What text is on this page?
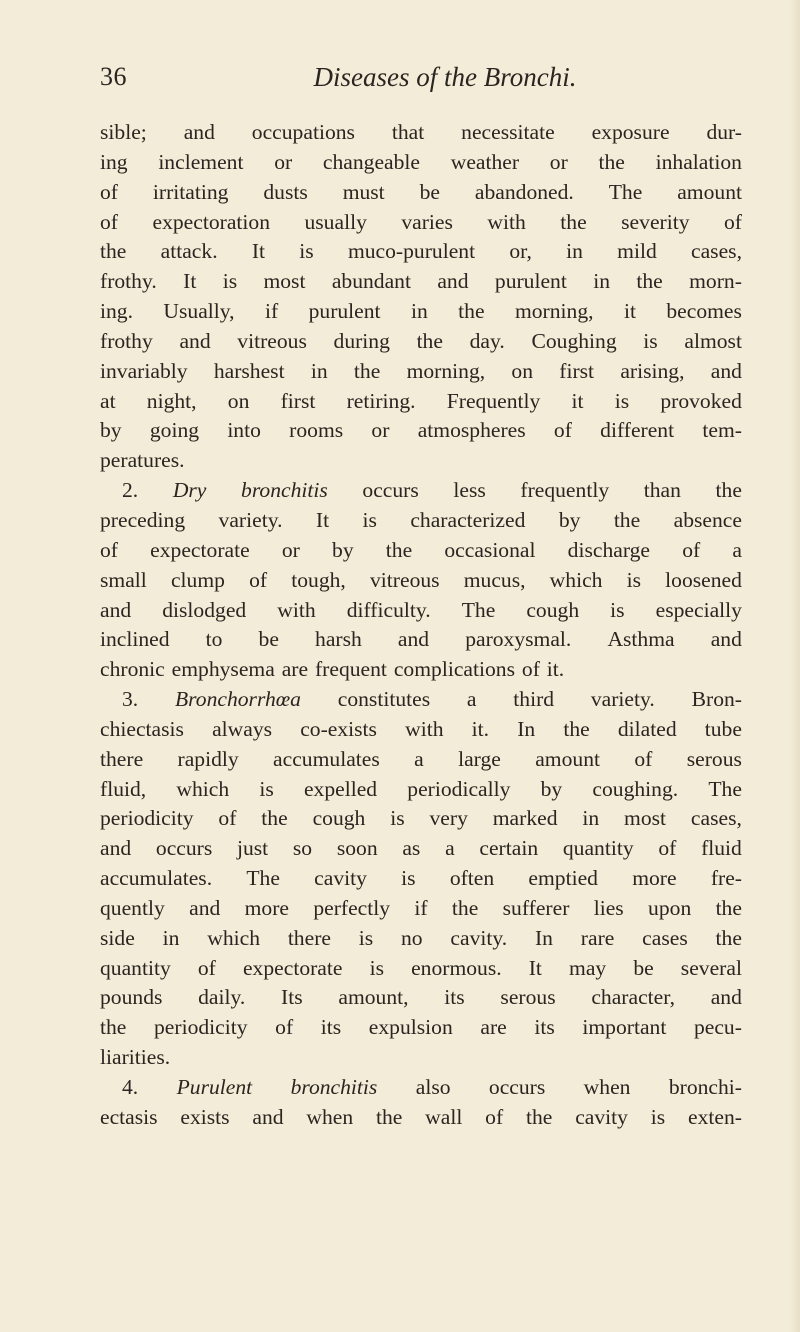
36	Diseases of the Bronchi.
sible; and occupations that necessitate exposure dur-
ing inclement or changeable weather or the inhalation
of irritating dusts must be abandoned. The amount
of expectoration usually varies with the severity of
the attack. It is muco-purulent or, in mild cases,
frothy. It is most abundant and purulent in the morn-
ing. Usually, if purulent in the morning, it becomes
frothy and vitreous during the day. Coughing is almost
invariably harshest in the morning, on first arising, and
at night, on first retiring. Frequently it is provoked
by going into rooms or atmospheres of different tem-
peratures.
2. Dry bronchitis occurs less frequently than the
preceding variety. It is characterized by the absence
of expectorate or by the occasional discharge of a
small clump of tough, vitreous mucus, which is loosened
and dislodged with difficulty. The cough is especially
inclined to be harsh and paroxysmal. Asthma and
chronic emphysema are frequent complications of it.
3. Bronchorrhœa constitutes a third variety. Bron-
chiectasis always co-exists with it. In the dilated tube
there rapidly accumulates a large amount of serous
fluid, which is expelled periodically by coughing. The
periodicity of the cough is very marked in most cases,
and occurs just so soon as a certain quantity of fluid
accumulates. The cavity is often emptied more fre-
quently and more perfectly if the sufferer lies upon the
side in which there is no cavity. In rare cases the
quantity of expectorate is enormous. It may be several
pounds daily. Its amount, its serous character, and
the periodicity of its expulsion are its important pecu-
liarities.
4. Purulent bronchitis also occurs when bronchi-
ectasis exists and when the wall of the cavity is exten-
